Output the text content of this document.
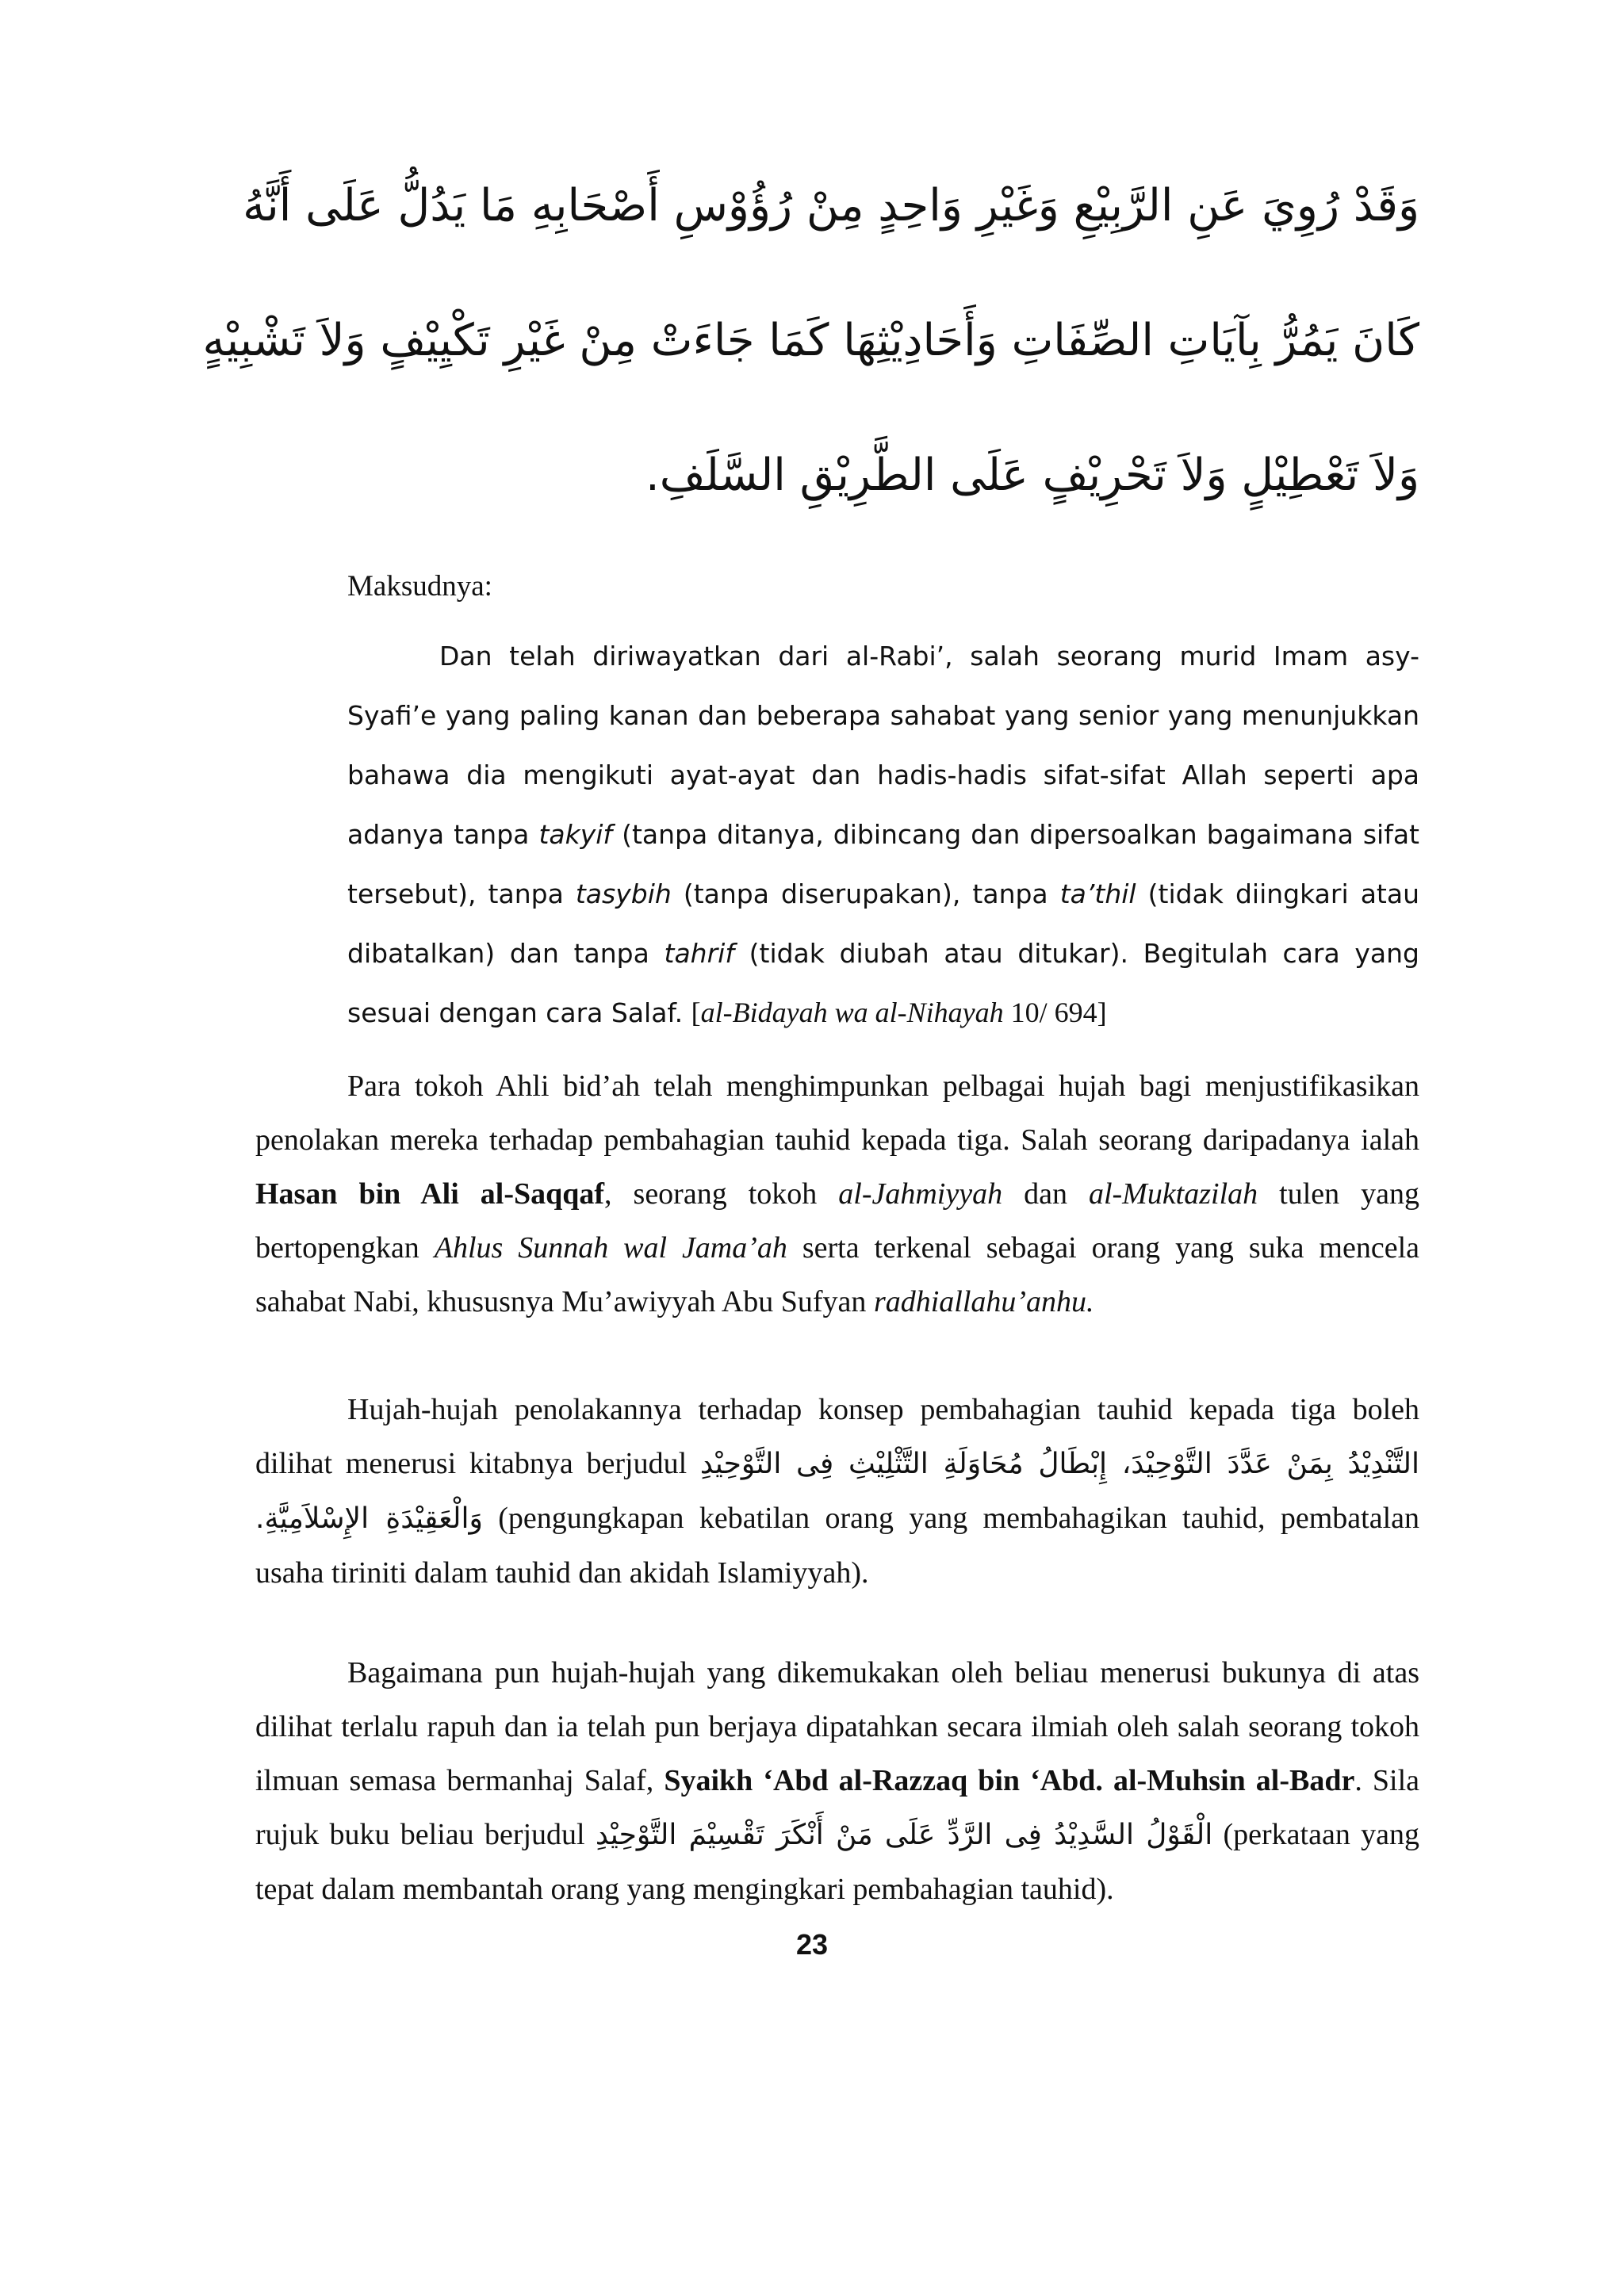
وَقَدْ رُوِيَ عَنِ الرَّبِيْعِ وَغَيْرِ وَاحِدٍ مِنْ رُؤُوْسِ أَصْحَابِهِ مَا يَدُلُّ عَلَى أَنَّهُ
كَانَ يَمُرُّ بِآيَاتِ الصِّفَاتِ وَأَحَادِيْثِهَا كَمَا جَاءَتْ مِنْ غَيْرِ تَكْيِيْفٍ وَلاَ تَشْبِيْهٍ
وَلاَ تَعْطِيْلٍ وَلاَ تَحْرِيْفٍ عَلَى الطَّرِيْقِ السَّلَفِ.
Maksudnya:
Dan telah diriwayatkan dari al-Rabi’, salah seorang murid Imam asy-Syafi’e yang paling kanan dan beberapa sahabat yang senior yang menunjukkan bahawa dia mengikuti ayat-ayat dan hadis-hadis sifat-sifat Allah seperti apa adanya tanpa takyif (tanpa ditanya, dibincang dan dipersoalkan bagaimana sifat tersebut), tanpa tasybih (tanpa diserupakan), tanpa ta’thil (tidak diingkari atau dibatalkan) dan tanpa tahrif (tidak diubah atau ditukar). Begitulah cara yang sesuai dengan cara Salaf. [al-Bidayah wa al-Nihayah 10/ 694]
Para tokoh Ahli bid’ah telah menghimpunkan pelbagai hujah bagi menjustifikasikan penolakan mereka terhadap pembahagian tauhid kepada tiga. Salah seorang daripadanya ialah Hasan bin Ali al-Saqqaf, seorang tokoh al-Jahmiyyah dan al-Muktazilah tulen yang bertopengkan Ahlus Sunnah wal Jama’ah serta terkenal sebagai orang yang suka mencela sahabat Nabi, khususnya Mu’awiyyah Abu Sufyan radhiallahu’anhu.
Hujah-hujah penolakannya terhadap konsep pembahagian tauhid kepada tiga boleh dilihat menerusi kitabnya berjudul التَّنْدِيْدُ بِمَنْ عَدَّدَ التَّوْحِيْدَ، إِبْطَالُ مُحَاوَلَةِ التَّثْلِيْثِ فِى التَّوْحِيْدِ وَالْعَقِيْدَةِ الإِسْلاَمِيَّةِ. (pengungkapan kebatilan orang yang membahagikan tauhid, pembatalan usaha tiriniti dalam tauhid dan akidah Islamiyyah).
Bagaimana pun hujah-hujah yang dikemukakan oleh beliau menerusi bukunya di atas dilihat terlalu rapuh dan ia telah pun berjaya dipatahkan secara ilmiah oleh salah seorang tokoh ilmuan semasa bermanhaj Salaf, Syaikh ‘Abd al-Razzaq bin ‘Abd. al-Muhsin al-Badr. Sila rujuk buku beliau berjudul الْقَوْلُ السَّدِيْدُ فِى الرَّدِّ عَلَى مَنْ أَنْكَرَ تَقْسِيْمَ التَّوْحِيْدِ (perkataan yang tepat dalam membantah orang yang mengingkari pembahagian tauhid).
23
